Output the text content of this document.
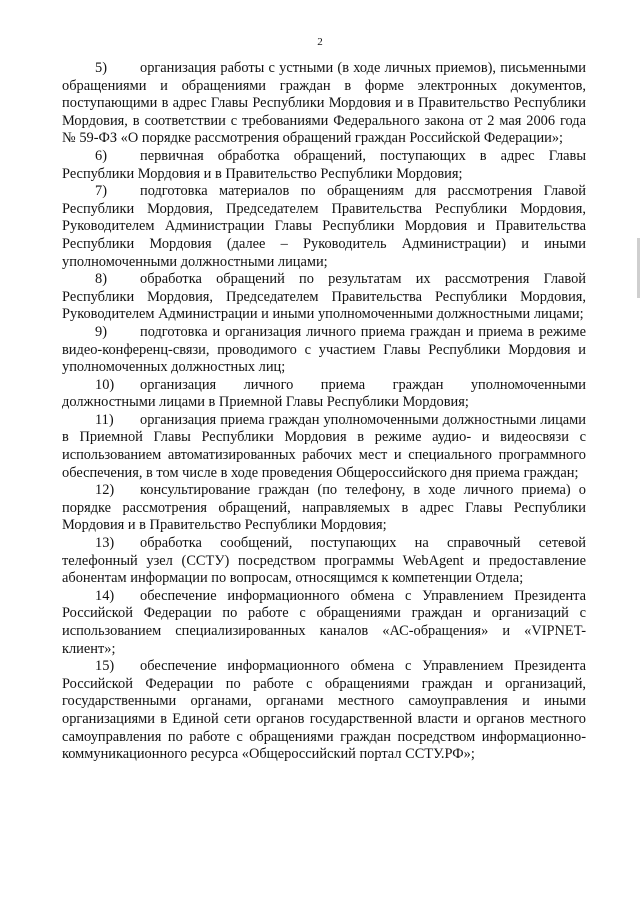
2

5) организация работы с устными (в ходе личных приемов), письменными обращениями и обращениями граждан в форме электронных документов, поступающими в адрес Главы Республики Мордовия и в Правительство Республики Мордовия, в соответствии с требованиями Федерального закона от 2 мая 2006 года № 59-ФЗ «О порядке рассмотрения обращений граждан Российской Федерации»;

6) первичная обработка обращений, поступающих в адрес Главы Республики Мордовия и в Правительство Республики Мордовия;

7) подготовка материалов по обращениям для рассмотрения Главой Республики Мордовия, Председателем Правительства Республики Мордовия, Руководителем Администрации Главы Республики Мордовия и Правительства Республики Мордовия (далее – Руководитель Администрации) и иными уполномоченными должностными лицами;

8) обработка обращений по результатам их рассмотрения Главой Республики Мордовия, Председателем Правительства Республики Мордовия, Руководителем Администрации и иными уполномоченными должностными лицами;

9) подготовка и организация личного приема граждан и приема в режиме видео-конференц-связи, проводимого с участием Главы Республики Мордовия и уполномоченных должностных лиц;

10) организация личного приема граждан уполномоченными должностными лицами в Приемной Главы Республики Мордовия;

11) организация приема граждан уполномоченными должностными лицами в Приемной Главы Республики Мордовия в режиме аудио- и видеосвязи с использованием автоматизированных рабочих мест и специального программного обеспечения, в том числе в ходе проведения Общероссийского дня приема граждан;

12) консультирование граждан (по телефону, в ходе личного приема) о порядке рассмотрения обращений, направляемых в адрес Главы Республики Мордовия и в Правительство Республики Мордовия;

13) обработка сообщений, поступающих на справочный сетевой телефонный узел (ССТУ) посредством программы WebAgent и предоставление абонентам информации по вопросам, относящимся к компетенции Отдела;

14) обеспечение информационного обмена с Управлением Президента Российской Федерации по работе с обращениями граждан и организаций с использованием специализированных каналов «АС-обращения» и «VIPNET-клиент»;

15) обеспечение информационного обмена с Управлением Президента Российской Федерации по работе с обращениями граждан и организаций, государственными органами, органами местного самоуправления и иными организациями в Единой сети органов государственной власти и органов местного самоуправления по работе с обращениями граждан посредством информационно-коммуникационного ресурса «Общероссийский портал ССТУ.РФ»;
